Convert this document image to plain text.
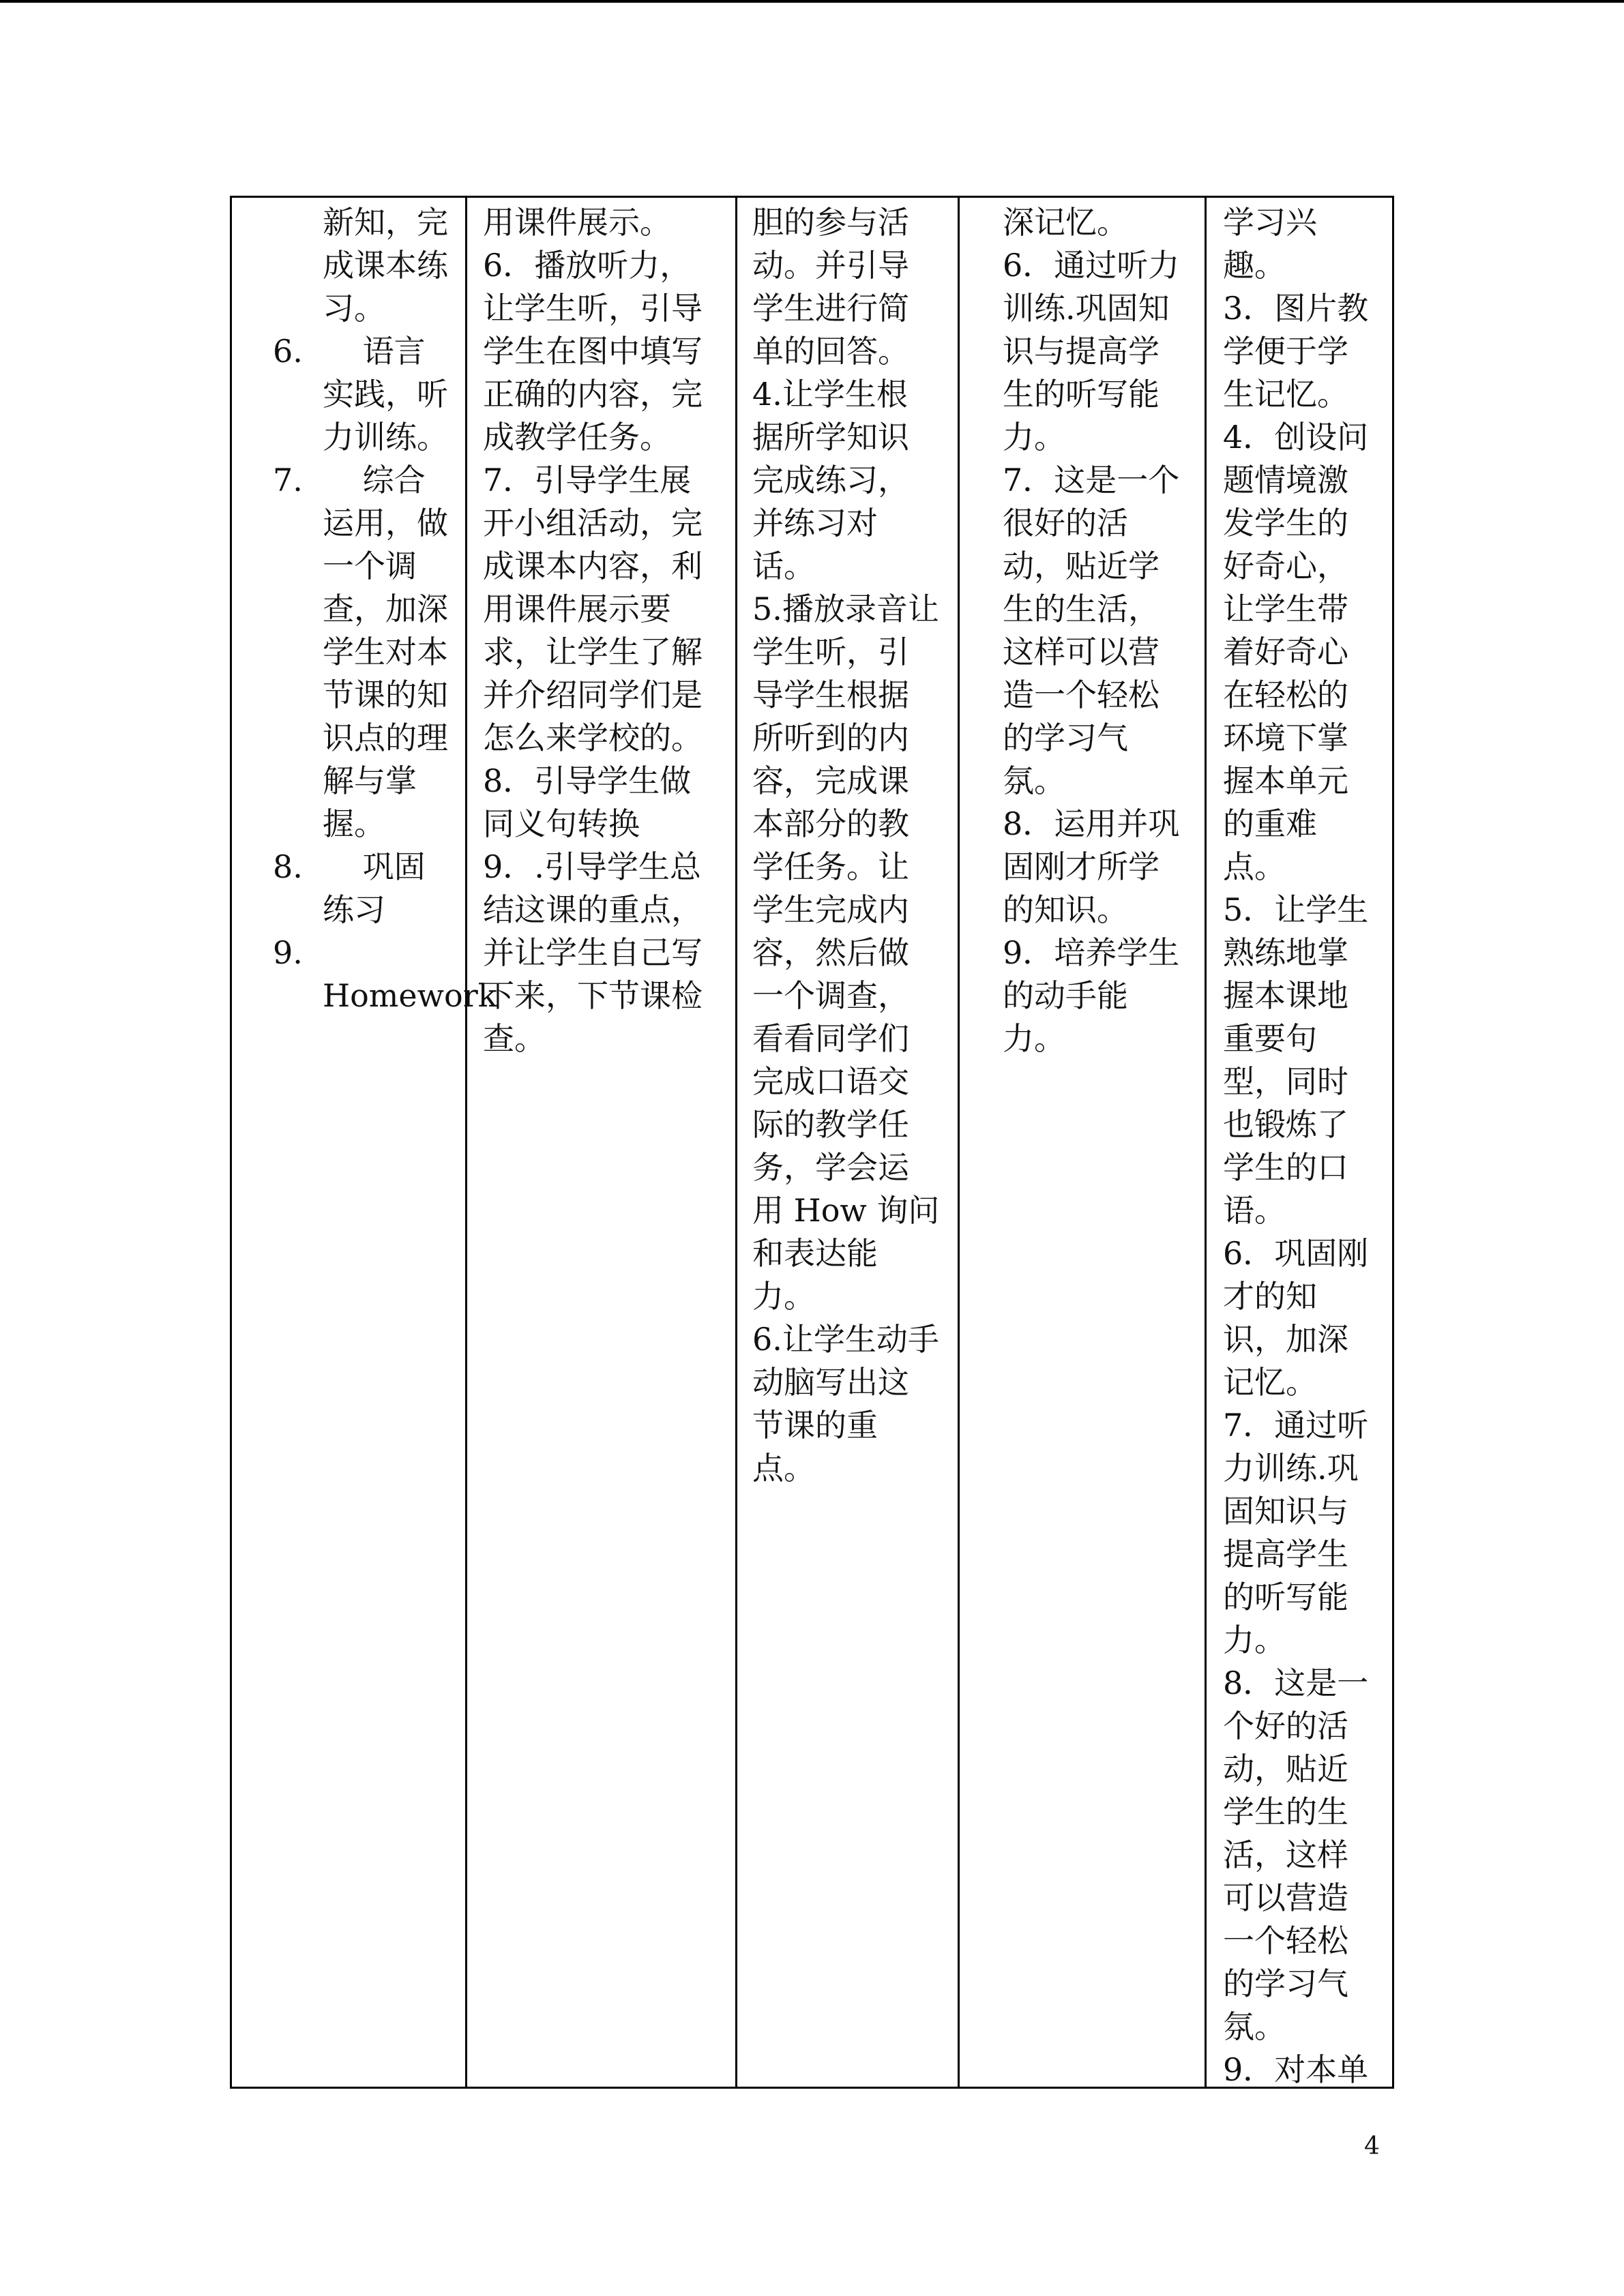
新知，完
成课本练
习。
6.      语言
实践，听
力训练。
7.      综合
运用，做
一个调
查，加深
学生对本
节课的知
识点的理
解与掌
握。
8.      巩固
练习
9.
Homework
用课件展示。
6．播放听力，
让学生听，引导
学生在图中填写
正确的内容，完
成教学任务。
7．引导学生展
开小组活动，完
成课本内容，利
用课件展示要
求，让学生了解
并介绍同学们是
怎么来学校的。
8．引导学生做
同义句转换
9．.引导学生总
结这课的重点，
并让学生自己写
下来，下节课检
查。
胆的参与活
动。并引导
学生进行简
单的回答。
4.让学生根
据所学知识
完成练习，
并练习对
话。
5.播放录音让
学生听，引
导学生根据
所听到的内
容，完成课
本部分的教
学任务。让
学生完成内
容，然后做
一个调查，
看看同学们
完成口语交
际的教学任
务，学会运
用 How 询问
和表达能
力。
6.让学生动手
动脑写出这
节课的重
点。
深记忆。
6．通过听力
训练.巩固知
识与提高学
生的听写能
力。
7．这是一个
很好的活
动，贴近学
生的生活，
这样可以营
造一个轻松
的学习气
氛。
8．运用并巩
固刚才所学
的知识。
9．培养学生
的动手能
力。
学习兴
趣。
3．图片教
学便于学
生记忆。
4．创设问
题情境激
发学生的
好奇心，
让学生带
着好奇心
在轻松的
环境下掌
握本单元
的重难
点。
5．让学生
熟练地掌
握本课地
重要句
型，同时
也锻炼了
学生的口
语。
6．巩固刚
才的知
识，加深
记忆。
7．通过听
力训练.巩
固知识与
提高学生
的听写能
力。
8．这是一
个好的活
动，贴近
学生的生
活，这样
可以营造
一个轻松
的学习气
氛。
9．对本单
4
